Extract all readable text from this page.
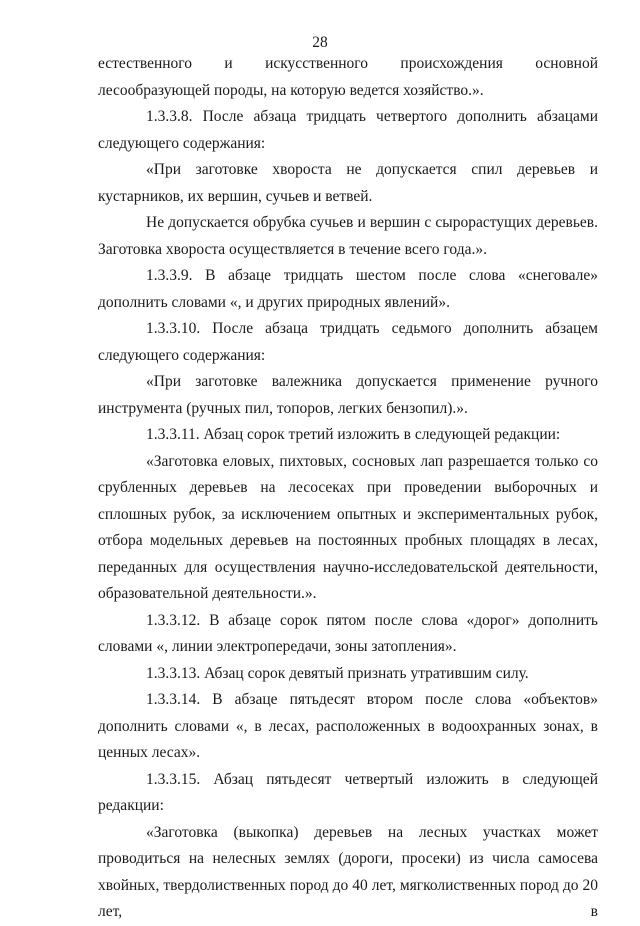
28

естественного и искусственного происхождения основной лесообразующей породы, на которую ведется хозяйство.».

1.3.3.8. После абзаца тридцать четвертого дополнить абзацами следующего содержания:

«При заготовке хвороста не допускается спил деревьев и кустарников, их вершин, сучьев и ветвей.

Не допускается обрубка сучьев и вершин с сырорастущих деревьев. Заготовка хвороста осуществляется в течение всего года.».

1.3.3.9. В абзаце тридцать шестом после слова «снеговале» дополнить словами «, и других природных явлений».

1.3.3.10. После абзаца тридцать седьмого дополнить абзацем следующего содержания:

«При заготовке валежника допускается применение ручного инструмента (ручных пил, топоров, легких бензопил).».

1.3.3.11. Абзац сорок третий изложить в следующей редакции:

«Заготовка еловых, пихтовых, сосновых лап разрешается только со срубленных деревьев на лесосеках при проведении выборочных и сплошных рубок, за исключением опытных и экспериментальных рубок, отбора модельных деревьев на постоянных пробных площадях в лесах, переданных для осуществления научно-исследовательской деятельности, образовательной деятельности.».

1.3.3.12. В абзаце сорок пятом после слова «дорог» дополнить словами «, линии электропередачи, зоны затопления».

1.3.3.13. Абзац сорок девятый признать утратившим силу.

1.3.3.14. В абзаце пятьдесят втором после слова «объектов» дополнить словами «, в лесах, расположенных в водоохранных зонах, в ценных лесах».

1.3.3.15. Абзац пятьдесят четвертый изложить в следующей редакции:

«Заготовка (выкопка) деревьев на лесных участках может проводиться на нелесных землях (дороги, просеки) из числа самосева хвойных, твердолиственных пород до 40 лет, мягколиственных пород до 20 лет, в
